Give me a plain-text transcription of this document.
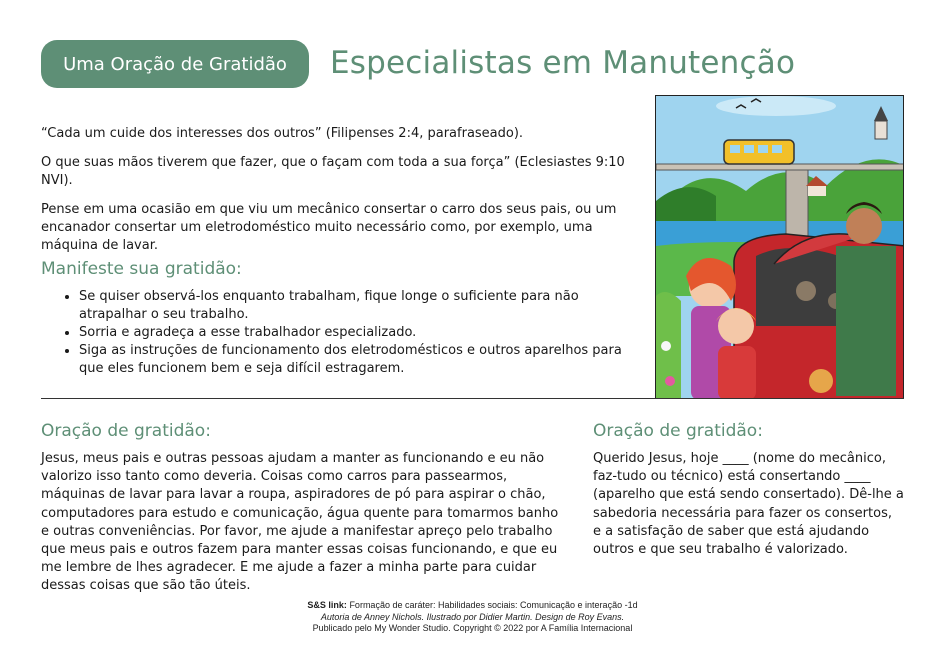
Uma Oração de Gratidão Especialistas em Manutenção

“Cada um cuide dos interesses dos outros” (Filipenses 2:4, parafraseado).

O que suas mãos tiverem que fazer, que o façam com toda a sua força” (Eclesiastes 9:10 NVI).

Pense em uma ocasião em que viu um mecânico consertar o carro dos seus pais, ou um encanador consertar um eletrodoméstico muito necessário como, por exemplo, uma máquina de lavar.

Manifeste sua gratidão:
• Se quiser observá-los enquanto trabalham, fique longe o suficiente para não atrapalhar o seu trabalho.
• Sorria e agradeça a esse trabalhador especializado.
• Siga as instruções de funcionamento dos eletrodomésticos e outros aparelhos para que eles funcionem bem e seja difícil estragarem.
Oração de gratidão:
Jesus, meus pais e outras pessoas ajudam a manter as funcionando e eu não valorizo isso tanto como deveria. Coisas como carros para passearmos, máquinas de lavar para lavar a roupa, aspiradores de pó para aspirar o chão, computadores para estudo e comunicação, água quente para tomarmos banho e outras conveniências. Por favor, me ajude a manifestar apreço pelo trabalho que meus pais e outros fazem para manter essas coisas funcionando, e que eu me lembre de lhes agradecer. E me ajude a fazer a minha parte para cuidar dessas coisas que são tão úteis.
Oração de gratidão:
Querido Jesus, hoje ____ (nome do mecânico, faz-tudo ou técnico) está consertando ____ (aparelho que está sendo consertado). Dê-lhe a sabedoria necessária para fazer os consertos, e a satisfação de saber que está ajudando outros e que seu trabalho é valorizado.
S&S link: Formação de caráter: Habilidades sociais: Comunicação e interação -1d
Autoria de Anney Nichols. Ilustrado por Didier Martin. Design de Roy Evans.
Publicado pelo My Wonder Studio. Copyright © 2022 por A Família Internacional
